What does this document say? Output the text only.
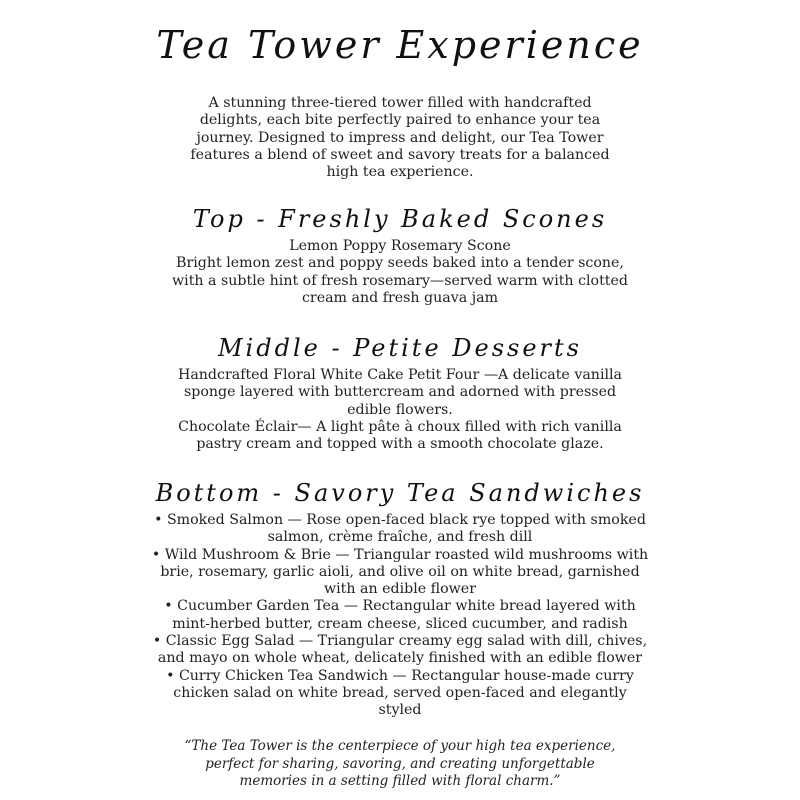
Tea Tower Experience

A stunning three-tiered tower filled with handcrafted delights, each bite perfectly paired to enhance your tea journey. Designed to impress and delight, our Tea Tower features a blend of sweet and savory treats for a balanced high tea experience.

Top - Freshly Baked Scones

Lemon Poppy Rosemary Scone

Bright lemon zest and poppy seeds baked into a tender scone, with a subtle hint of fresh rosemary—served warm with clotted cream and fresh guava jam

Middle - Petite Desserts

Handcrafted Floral White Cake Petit Four —A delicate vanilla sponge layered with buttercream and adorned with pressed edible flowers.

Chocolate Éclair— A light pâte à choux filled with rich vanilla pastry cream and topped with a smooth chocolate glaze.

Bottom - Savory Tea Sandwiches

• Smoked Salmon — Rose open-faced black rye topped with smoked salmon, crème fraîche, and fresh dill

• Wild Mushroom & Brie — Triangular roasted wild mushrooms with brie, rosemary, garlic aioli, and olive oil on white bread, garnished with an edible flower

• Cucumber Garden Tea — Rectangular white bread layered with mint-herbed butter, cream cheese, sliced cucumber, and radish

• Classic Egg Salad — Triangular creamy egg salad with dill, chives, and mayo on whole wheat, delicately finished with an edible flower

• Curry Chicken Tea Sandwich — Rectangular house-made curry chicken salad on white bread, served open-faced and elegantly styled

“The Tea Tower is the centerpiece of your high tea experience, perfect for sharing, savoring, and creating unforgettable memories in a setting filled with floral charm.”
